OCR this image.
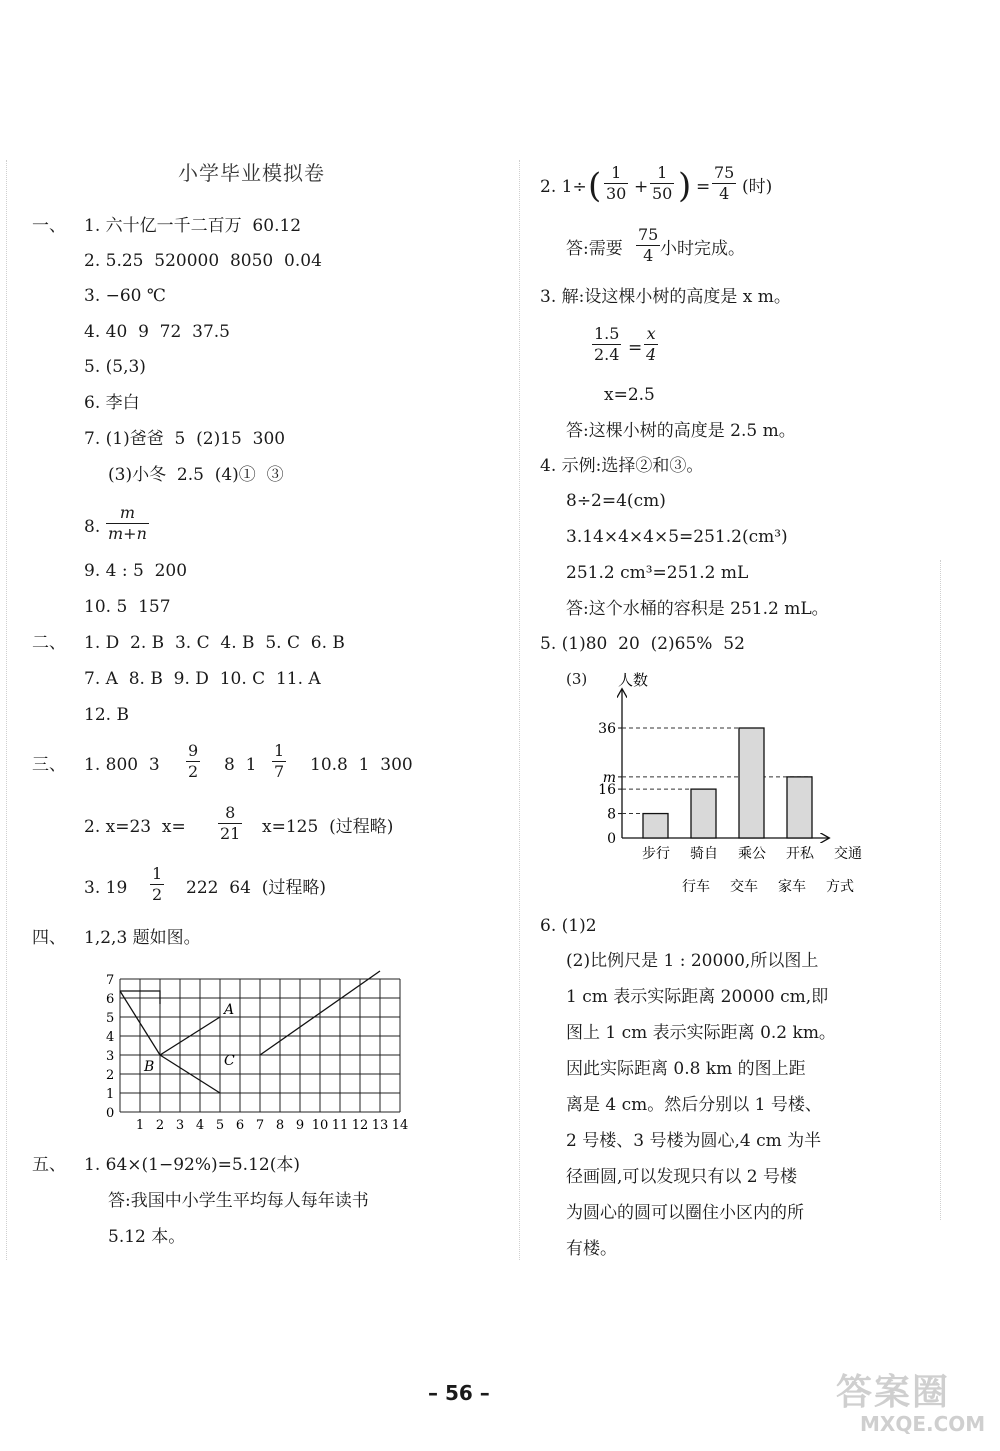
小学毕业模拟卷
一、 1. 六十亿一千二百万  60.12
2. 5.25  520000  8050  0.04
3. −60 ℃
4. 40  9  72  37.5
5. (5,3)
6. 李白
7. (1)爸爸  5  (2)15  300
(3)小冬  2.5  (4)①  ③
8. $\frac{m}{m+n}$
9. 4 : 5  200
10. 5  157
二、 1. D  2. B  3. C  4. B  5. C  6. B
7. A  8. B  9. D  10. C  11. A
12. B
三、 1. 800  $3 \frac{9}{2} 8$  $1 \frac{1}{7} 10.8$  1  300
2. x=23  $x= \frac{8}{21} x=125$  (过程略)
3. $19 \frac{1}{2} 222$  64  (过程略)
四、 1,2,3 题如图。
0
1
2
3
4
5
6
7
1 2 3 4 5 6 7 8 9 10 11 12 13 14
A
B	C
五、 1. 64×(1−92%)=5.12(本)
答:我国中小学生平均每人每年读书
5.12 本。
2. 1÷ ( $\frac{1}{30} + \frac{1}{50}$ ) = $\frac{75}{4}$ (时)
答:需要 $\frac{75}{4}$ 小时完成。
3. 解:设这棵小树的高度是 x m。
$\frac{1.5}{2.4} = \frac{x}{4}$
x=2.5
答:这棵小树的高度是 2.5 m。
4. 示例:选择②和③。
8÷2=4(cm)
3.14×4×4×5=251.2(cm³)
251.2 cm³=251.2 mL
答:这个水桶的容积是 251.2 mL。
5. (1)80  20  (2)65%  52
(3) 人数
0
8
16
m
36
步行 骑自 乘公 开私 交通
行车 交车 家车 方式
6. (1)2
(2)比例尺是 1 : 20000,所以图上
1 cm 表示实际距离 20000 cm,即
图上 1 cm 表示实际距离 0.2 km。
因此实际距离 0.8 km 的图上距
离是 4 cm。然后分别以 1 号楼、
2 号楼、3 号楼为圆心,4 cm 为半
径画圆,可以发现只有以 2 号楼
为圆心的圆可以圈住小区内的所
有楼。
– 56 –	答案圈
MXQE.COM
